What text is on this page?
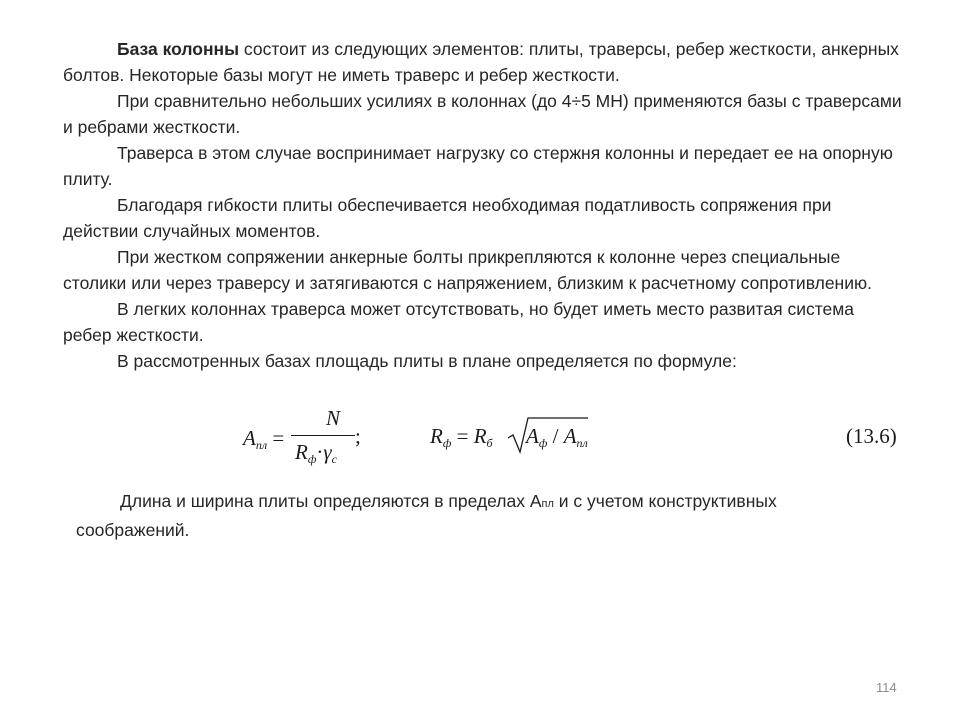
База колонны состоит из следующих элементов: плиты, траверсы, ребер жесткости, анкерных болтов. Некоторые базы могут не иметь траверс и ребер жесткости.

При сравнительно небольших усилиях в колоннах (до 4÷5 МН) применяются базы с траверсами и ребрами жесткости.

Траверса в этом случае воспринимает нагрузку со стержня колонны и передает ее на опорную плиту.

Благодаря гибкости плиты обеспечивается необходимая податливость сопряжения при действии случайных моментов.

При жестком сопряжении анкерные болты прикрепляются к колонне через специальные столики или через траверсу и затягиваются с напряжением, близким к расчетному сопротивлению.

В легких колоннах траверса может отсутствовать, но будет иметь место развитая система ребер жесткости.

В рассмотренных базах площадь плиты в плане определяется по формуле:

$A_{пл}$ =
N
$R_ф\cdot\gamma_c$
;	$R_ф = R_б$ $A_ф / A_{пл}$	(13.6)
Длина и ширина плиты определяются в пределах Апл и с учетом конструктивных
соображений.
114
